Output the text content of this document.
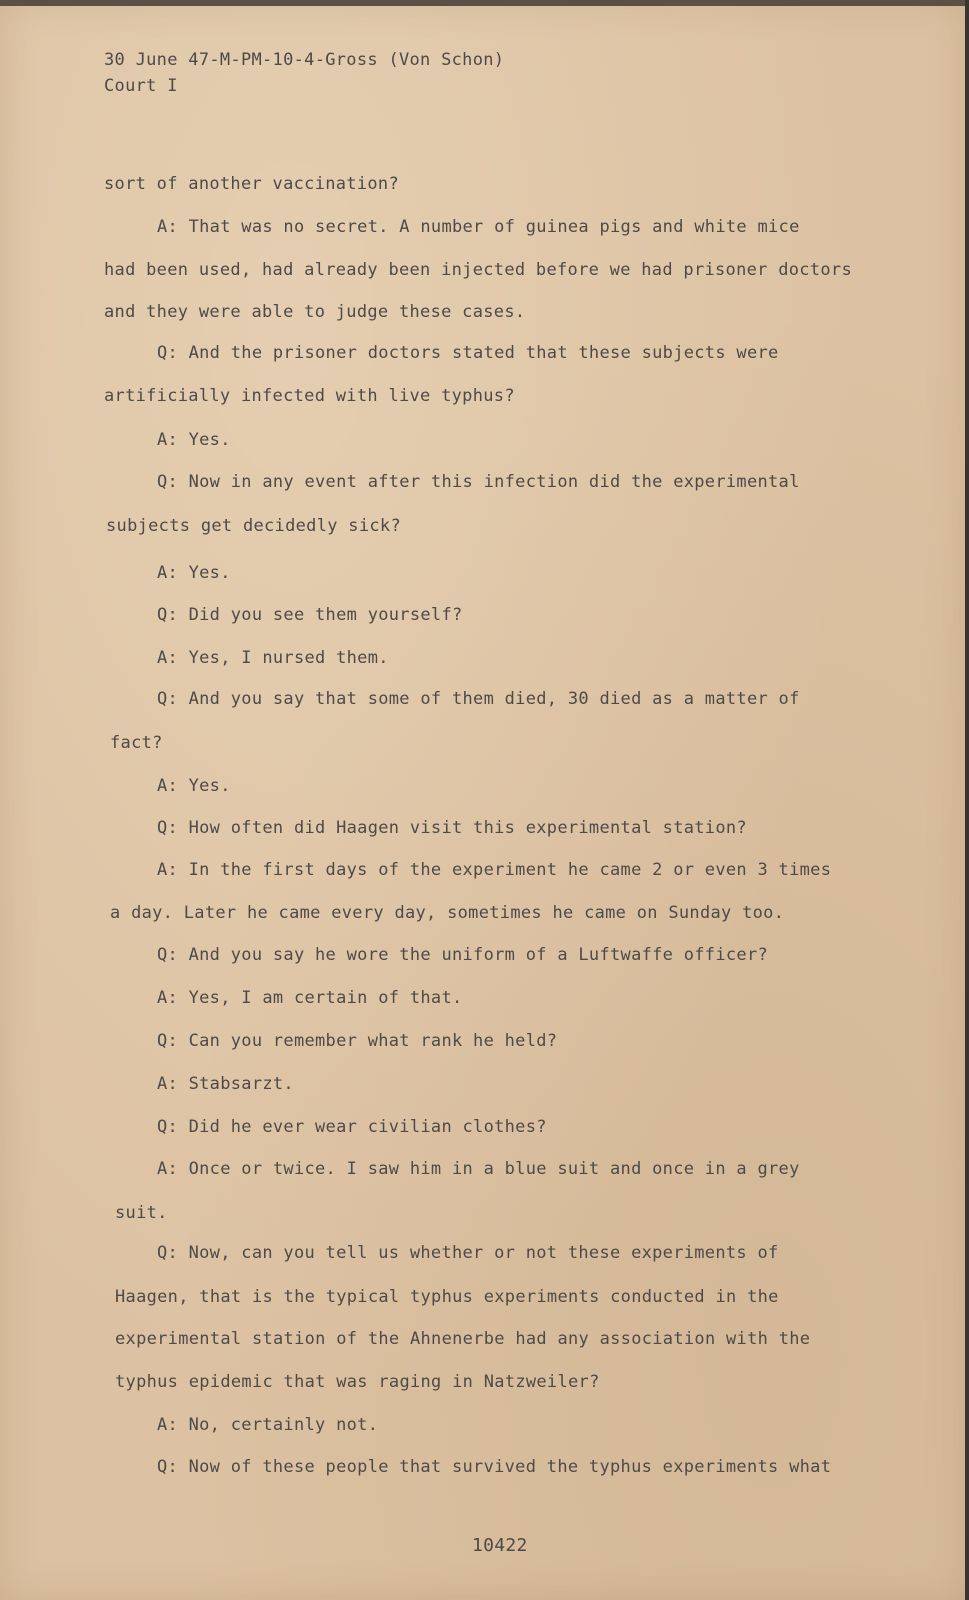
30 June 47-M-PM-10-4-Gross (Von Schon)
Court I
sort of another vaccination?
A: That was no secret. A number of guinea pigs and white mice
had been used, had already been injected before we had prisoner doctors
and they were able to judge these cases.
Q: And the prisoner doctors stated that these subjects were
artificially infected with live typhus?
A: Yes.
Q: Now in any event after this infection did the experimental
subjects get decidedly sick?
A: Yes.
Q: Did you see them yourself?
A: Yes, I nursed them.
Q: And you say that some of them died, 30 died as a matter of
fact?
A: Yes.
Q: How often did Haagen visit this experimental station?
A: In the first days of the experiment he came 2 or even 3 times
a day. Later he came every day, sometimes he came on Sunday too.
Q: And you say he wore the uniform of a Luftwaffe officer?
A: Yes, I am certain of that.
Q: Can you remember what rank he held?
A: Stabsarzt.
Q: Did he ever wear civilian clothes?
A: Once or twice. I saw him in a blue suit and once in a grey
suit.
Q: Now, can you tell us whether or not these experiments of
Haagen, that is the typical typhus experiments conducted in the
experimental station of the Ahnenerbe had any association with the
typhus epidemic that was raging in Natzweiler?
A: No, certainly not.
Q: Now of these people that survived the typhus experiments what
10422
